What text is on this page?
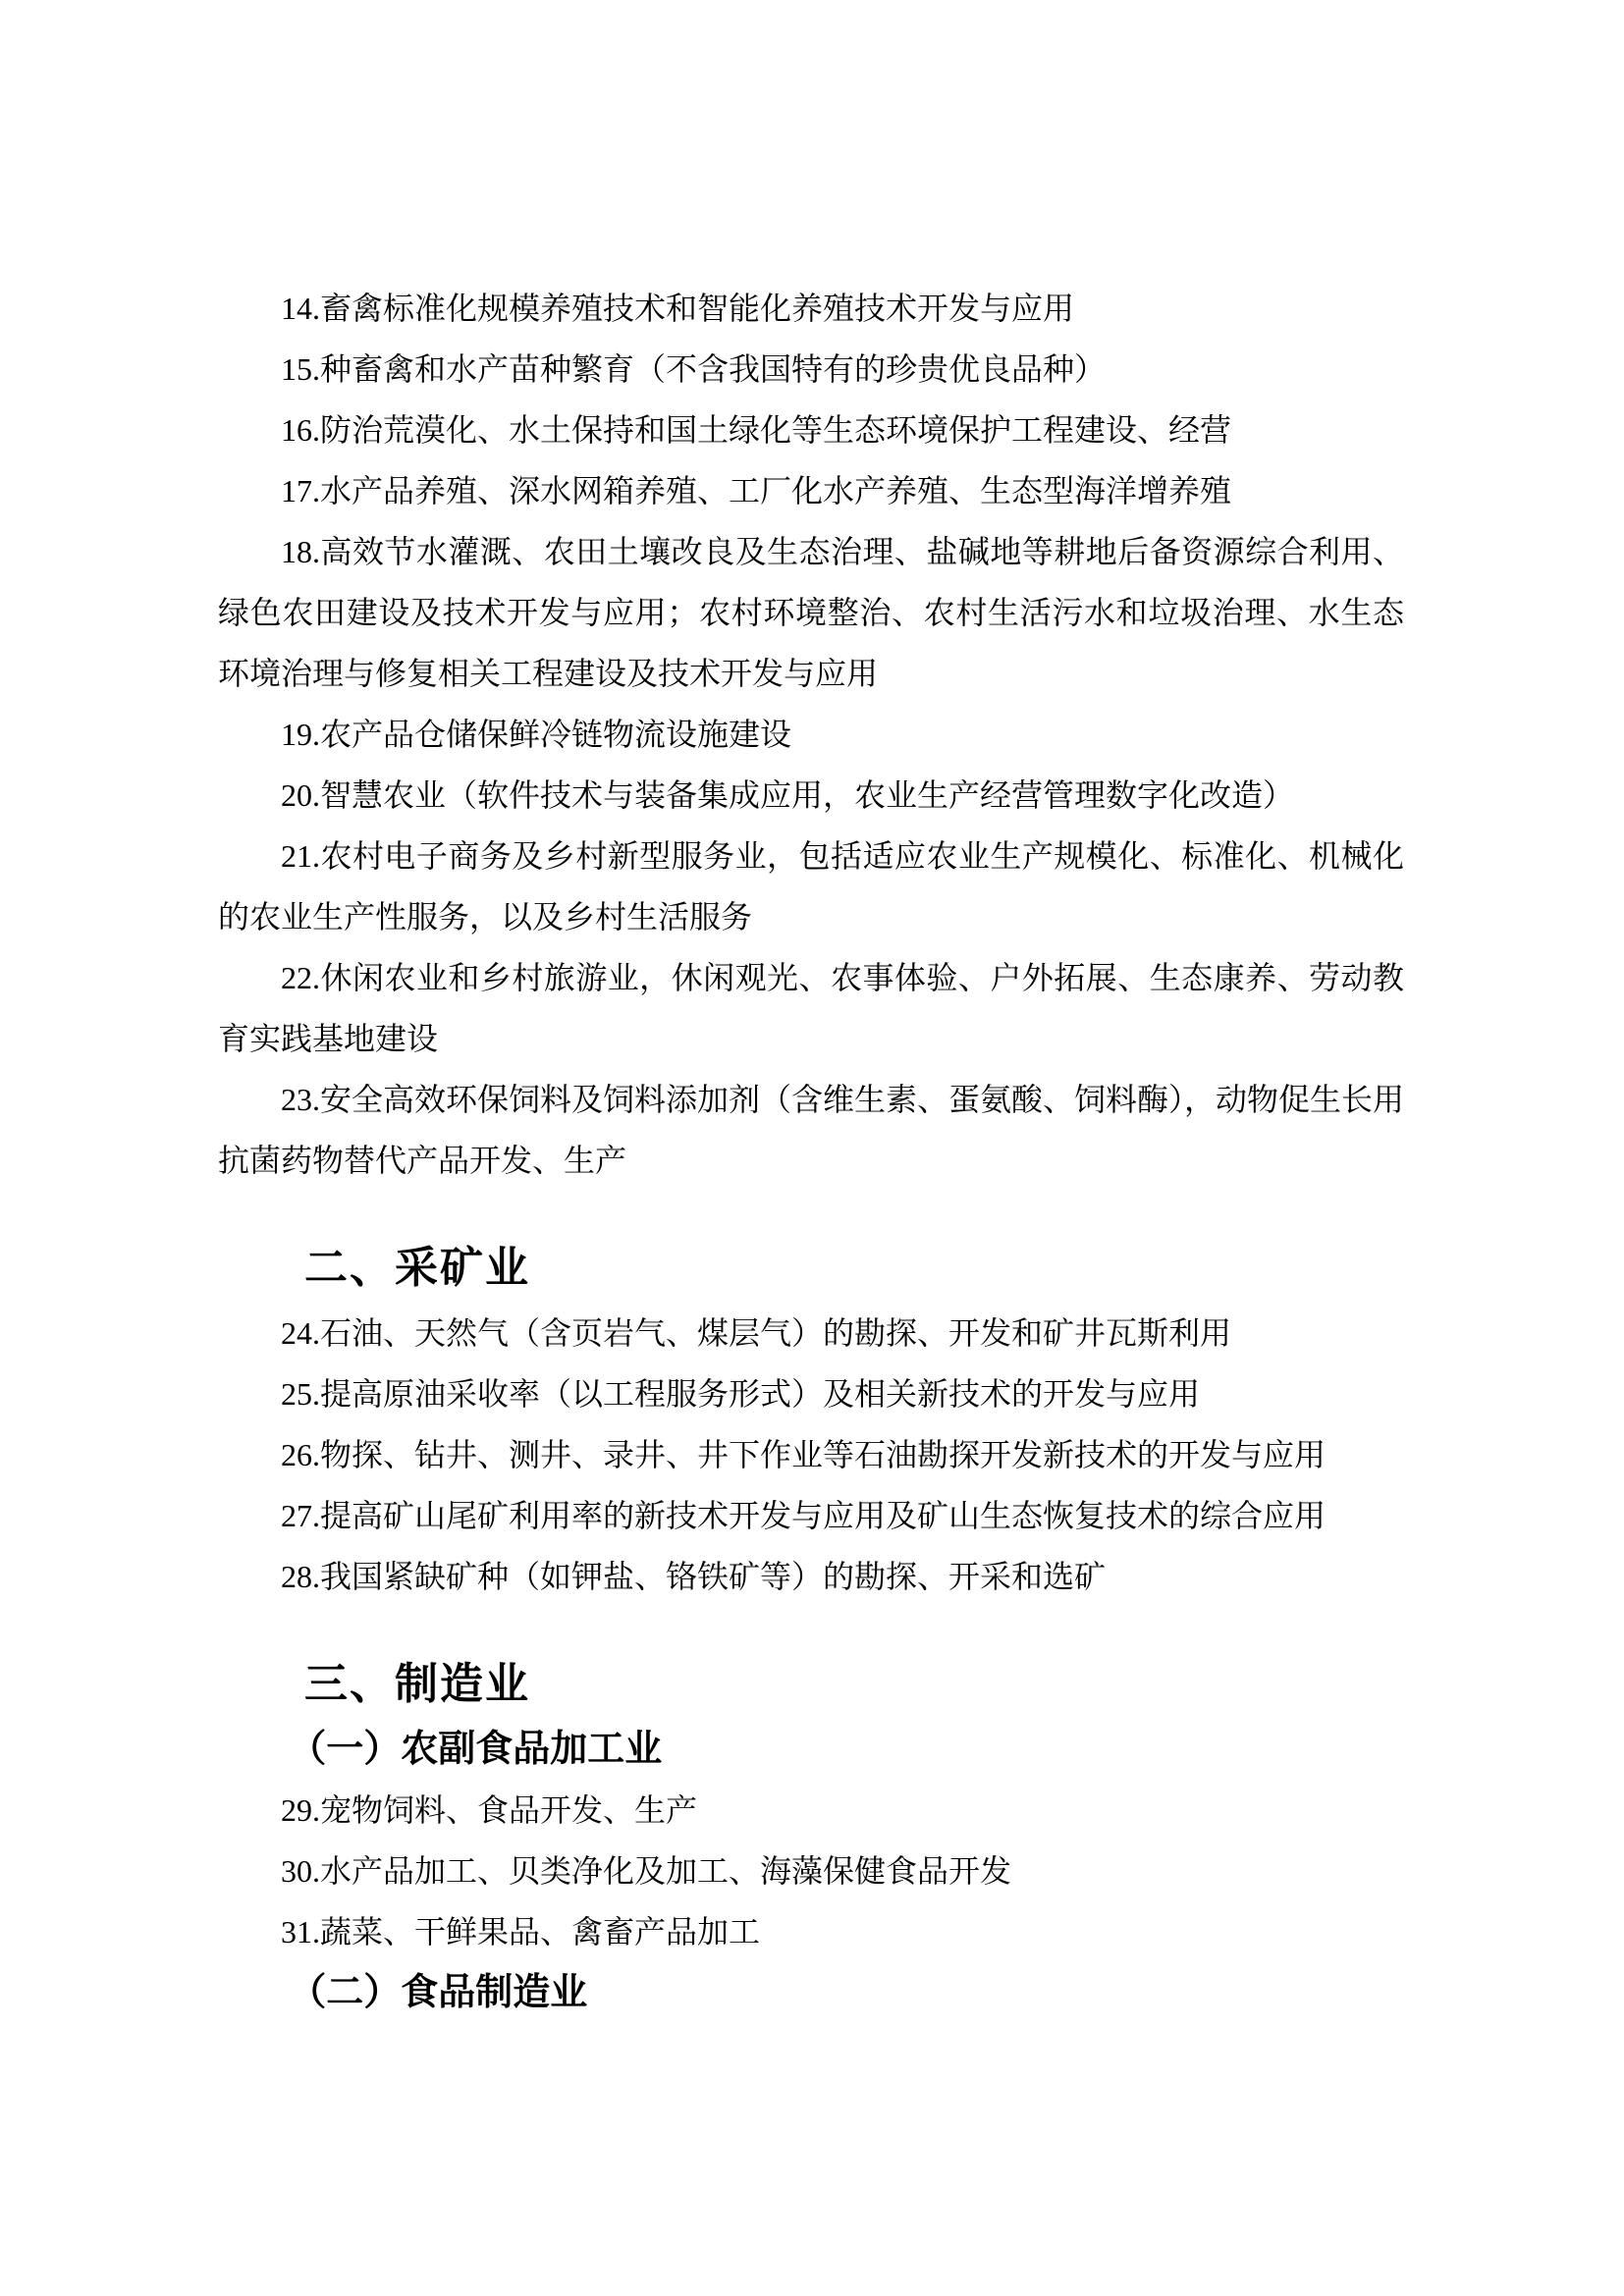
14.畜禽标准化规模养殖技术和智能化养殖技术开发与应用

15.种畜禽和水产苗种繁育（不含我国特有的珍贵优良品种）

16.防治荒漠化、水土保持和国土绿化等生态环境保护工程建设、经营

17.水产品养殖、深水网箱养殖、工厂化水产养殖、生态型海洋增养殖

18.高效节水灌溉、农田土壤改良及生态治理、盐碱地等耕地后备资源综合利用、绿色农田建设及技术开发与应用；农村环境整治、农村生活污水和垃圾治理、水生态环境治理与修复相关工程建设及技术开发与应用

19.农产品仓储保鲜冷链物流设施建设

20.智慧农业（软件技术与装备集成应用，农业生产经营管理数字化改造）

21.农村电子商务及乡村新型服务业，包括适应农业生产规模化、标准化、机械化的农业生产性服务，以及乡村生活服务

22.休闲农业和乡村旅游业，休闲观光、农事体验、户外拓展、生态康养、劳动教育实践基地建设

23.安全高效环保饲料及饲料添加剂（含维生素、蛋氨酸、饲料酶），动物促生长用抗菌药物替代产品开发、生产

二、采矿业

24.石油、天然气（含页岩气、煤层气）的勘探、开发和矿井瓦斯利用

25.提高原油采收率（以工程服务形式）及相关新技术的开发与应用

26.物探、钻井、测井、录井、井下作业等石油勘探开发新技术的开发与应用

27.提高矿山尾矿利用率的新技术开发与应用及矿山生态恢复技术的综合应用

28.我国紧缺矿种（如钾盐、铬铁矿等）的勘探、开采和选矿

三、制造业
（一）农副食品加工业

29.宠物饲料、食品开发、生产

30.水产品加工、贝类净化及加工、海藻保健食品开发

31.蔬菜、干鲜果品、禽畜产品加工

（二）食品制造业
